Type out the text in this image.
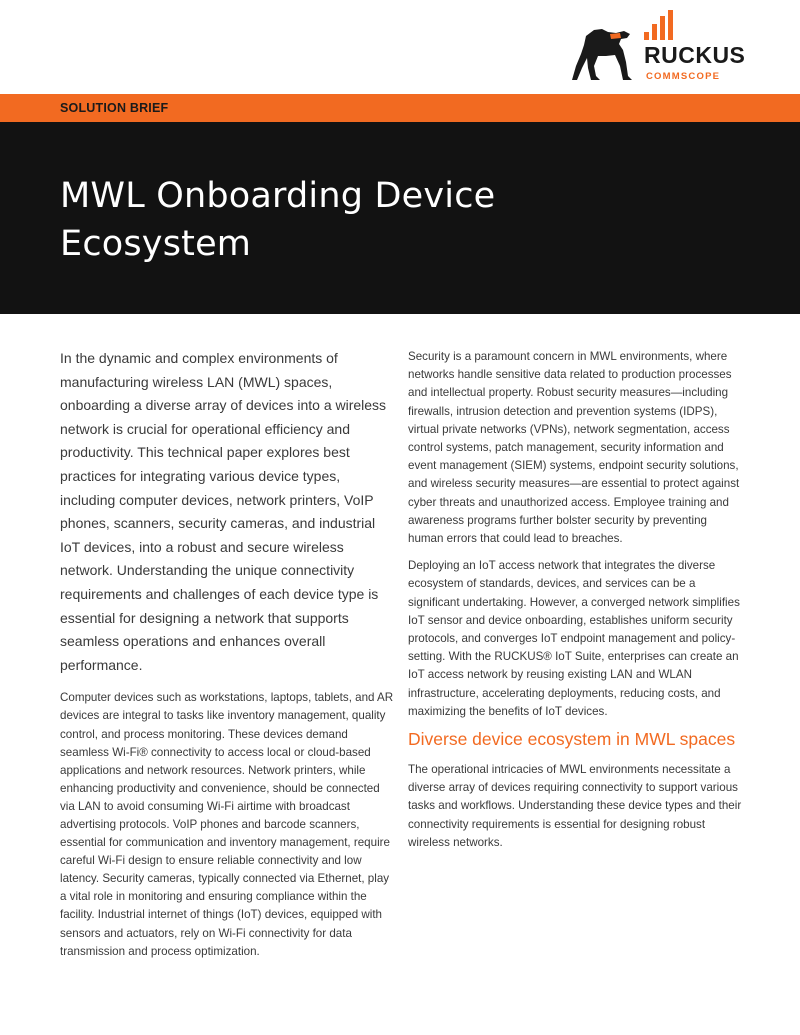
RUCKUS
COMMSCOPE
SOLUTION BRIEF
MWL Onboarding Device Ecosystem

In the dynamic and complex environments of manufacturing wireless LAN (MWL) spaces, onboarding a diverse array of devices into a wireless network is crucial for operational efficiency and productivity. This technical paper explores best practices for integrating various device types, including computer devices, network printers, VoIP phones, scanners, security cameras, and industrial IoT devices, into a robust and secure wireless network. Understanding the unique connectivity requirements and challenges of each device type is essential for designing a network that supports seamless operations and enhances overall performance.

Computer devices such as workstations, laptops, tablets, and AR devices are integral to tasks like inventory management, quality control, and process monitoring. These devices demand seamless Wi-Fi® connectivity to access local or cloud-based applications and network resources. Network printers, while enhancing productivity and convenience, should be connected via LAN to avoid consuming Wi-Fi airtime with broadcast advertising protocols. VoIP phones and barcode scanners, essential for communication and inventory management, require careful Wi-Fi design to ensure reliable connectivity and low latency. Security cameras, typically connected via Ethernet, play a vital role in monitoring and ensuring compliance within the facility. Industrial internet of things (IoT) devices, equipped with sensors and actuators, rely on Wi-Fi connectivity for data transmission and process optimization.

Security is a paramount concern in MWL environments, where networks handle sensitive data related to production processes and intellectual property. Robust security measures—including firewalls, intrusion detection and prevention systems (IDPS), virtual private networks (VPNs), network segmentation, access control systems, patch management, security information and event management (SIEM) systems, endpoint security solutions, and wireless security measures—are essential to protect against cyber threats and unauthorized access. Employee training and awareness programs further bolster security by preventing human errors that could lead to breaches.

Deploying an IoT access network that integrates the diverse ecosystem of standards, devices, and services can be a significant undertaking. However, a converged network simplifies IoT sensor and device onboarding, establishes uniform security protocols, and converges IoT endpoint management and policy-setting. With the RUCKUS® IoT Suite, enterprises can create an IoT access network by reusing existing LAN and WLAN infrastructure, accelerating deployments, reducing costs, and maximizing the benefits of IoT devices.

Diverse device ecosystem in MWL spaces

The operational intricacies of MWL environments necessitate a diverse array of devices requiring connectivity to support various tasks and workflows. Understanding these device types and their connectivity requirements is essential for designing robust wireless networks.
